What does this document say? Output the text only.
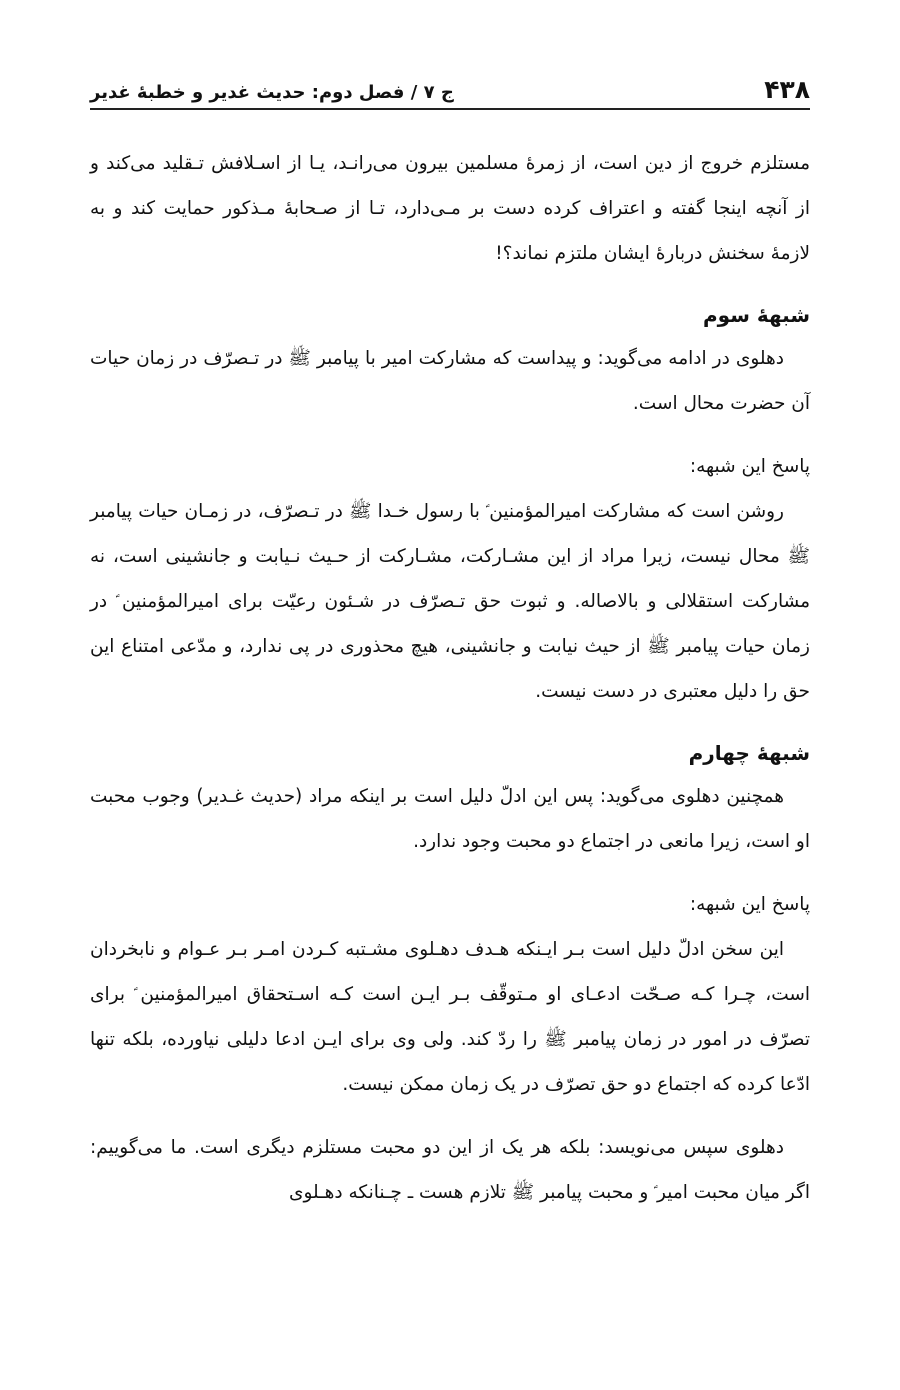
۴۳۸
ج ۷ / فصل دوم: حدیث غدیر و خطبهٔ غدیر

مستلزم خروج از دین است، از زمرهٔ مسلمین بیرون می‌رانـد، یـا از اسـلافش تـقلید می‌کند و از آنچه اینجا گفته و اعتراف کرده دست بر مـی‌دارد، تـا از صـحابهٔ مـذکور حمایت کند و به لازمهٔ سخنش دربارهٔ ایشان ملتزم نماند؟!

شبهۀ سوم

دهلوی در ادامه می‌گوید: و پیداست که مشارکت امیر با پیامبر ﷺ در تـصرّف در زمان حیات آن حضرت محال است.

پاسخ این شبهه:

روشن است که مشارکت امیرالمؤمنین ؑ با رسول خـدا ﷺ در تـصرّف، در زمـان حیات پیامبر ﷺ محال نیست، زیرا مراد از این مشـارکت، مشـارکت از حـیث نـیابت و جانشینی است، نه مشارکت استقلالی و بالاصاله. و ثبوت حق تـصرّف در شـئون رعیّت برای امیرالمؤمنین ؑ در زمان حیات پیامبر ﷺ از حیث نیابت و جانشینی، هیچ محذوری در پی ندارد، و مدّعی امتناع این حق را دلیل معتبری در دست نیست.

شبهۀ چهارم

همچنین دهلوی می‌گوید: پس این ادلّ دلیل است بر اینکه مراد (حدیث غـدیر) وجوب محبت او است، زیرا مانعی در اجتماع دو محبت وجود ندارد.

پاسخ این شبهه:

این سخن ادلّ دلیل است بـر ایـنکه هـدف دهـلوی مشـتبه کـردن امـر بـر عـوام و نابخردان است، چـرا کـه صـحّت ادعـای او مـتوقّف بـر ایـن است کـه اسـتحقاق امیرالمؤمنین ؑ برای تصرّف در امور در زمان پیامبر ﷺ را ردّ کند. ولی وی برای ایـن ادعا دلیلی نیاورده، بلکه تنها ادّعا کرده که اجتماع دو حق تصرّف در یک زمان ممکن نیست.

دهلوی سپس می‌نویسد: بلکه هر یک از این دو محبت مستلزم دیگری است. ما می‌گوییم: اگر میان محبت امیر ؑ و محبت پیامبر ﷺ تلازم هست ـ چـنانکه دهـلوی
